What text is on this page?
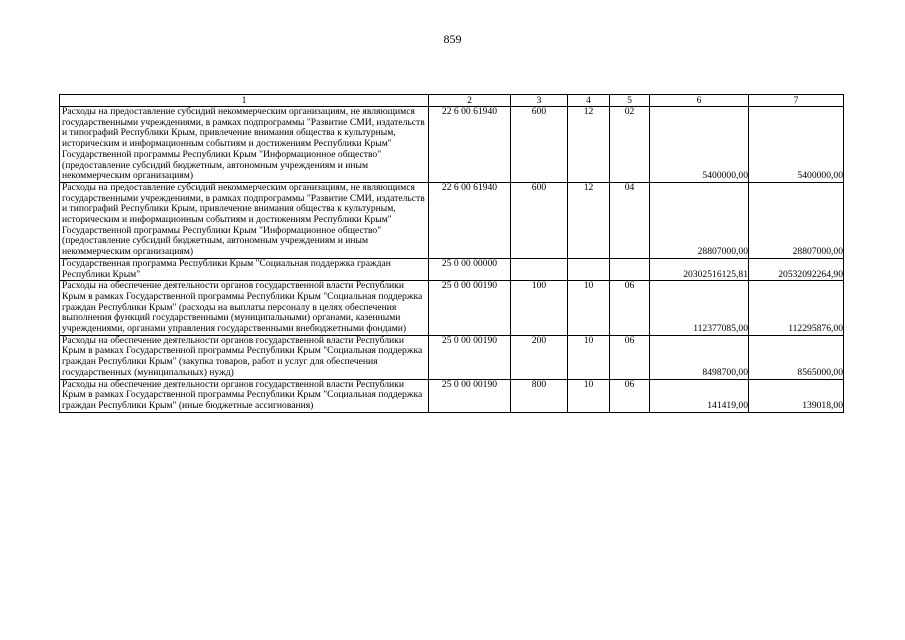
859
1	2	3	4	5	6	7
Расходы на предоставление субсидий некоммерческим организациям, не являющимся государственными учреждениями, в рамках подпрограммы "Развитие СМИ, издательств и типографий Республики Крым, привлечение внимания общества к культурным, историческим и информационным событиям и достижениям Республики Крым" Государственной программы Республики Крым "Информационное общество" (предоставление субсидий бюджетным, автономным учреждениям и иным некоммерческим организациям)	22 6 00 61940	600	12	02	5400000,00	5400000,00
Расходы на предоставление субсидий некоммерческим организациям, не являющимся государственными учреждениями, в рамках подпрограммы "Развитие СМИ, издательств и типографий Республики Крым, привлечение внимания общества к культурным, историческим и информационным событиям и достижениям Республики Крым" Государственной программы Республики Крым "Информационное общество" (предоставление субсидий бюджетным, автономным учреждениям и иным некоммерческим организациям)	22 6 00 61940	600	12	04	28807000,00	28807000,00
Государственная программа Республики Крым "Социальная поддержка граждан Республики Крым"	25 0 00 00000				20302516125,81	20532092264,90
Расходы на обеспечение деятельности органов государственной власти Республики Крым в рамках Государственной программы Республики Крым "Социальная поддержка граждан Республики Крым" (расходы на выплаты персоналу в целях обеспечения выполнения функций государственными (муниципальными) органами, казенными учреждениями, органами управления государственными внебюджетными фондами)	25 0 00 00190	100	10	06	112377085,00	112295876,00
Расходы на обеспечение деятельности органов государственной власти Республики Крым в рамках Государственной программы Республики Крым "Социальная поддержка граждан Республики Крым" (закупка товаров, работ и услуг для обеспечения государственных (муниципальных) нужд)	25 0 00 00190	200	10	06	8498700,00	8565000,00
Расходы на обеспечение деятельности органов государственной власти Республики Крым в рамках Государственной программы Республики Крым "Социальная поддержка граждан Республики Крым" (иные бюджетные ассигнования)	25 0 00 00190	800	10	06	141419,00	139018,00
